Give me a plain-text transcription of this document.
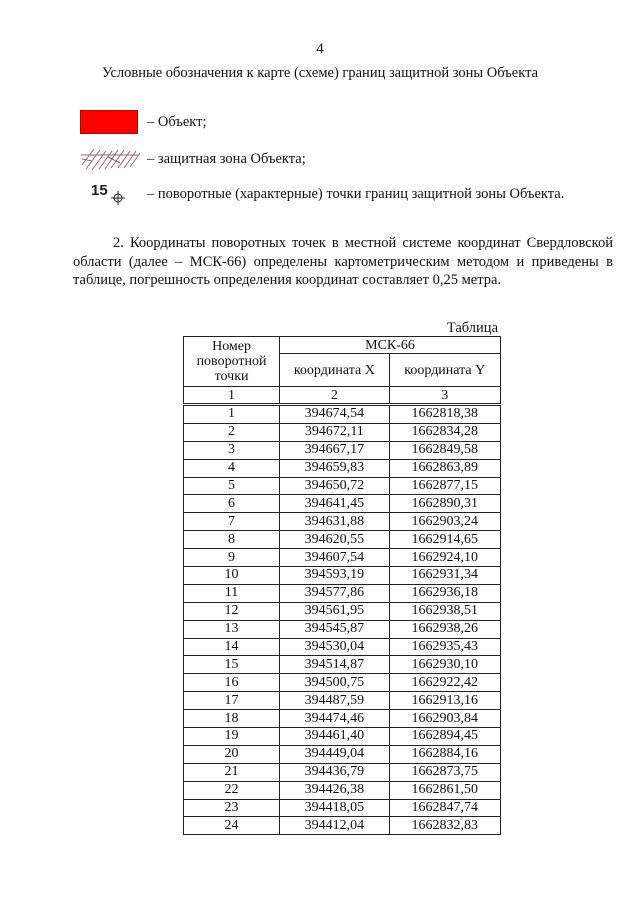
4
Условные обозначения к карте (схеме) границ защитной зоны Объекта
– Объект;
– защитная зона Объекта;
15	– поворотные (характерные) точки границ защитной зоны Объекта.
2. Координаты поворотных точек в местной системе координат Свердловской области (далее – МСК-66) определены картометрическим методом и приведены в таблице, погрешность определения координат составляет 0,25 метра.
Таблица
Номер поворотной точки	МСК-66	
	координата X	координата Y
1	2	3
1	394674,54	1662818,38
2	394672,11	1662834,28
3	394667,17	1662849,58
4	394659,83	1662863,89
5	394650,72	1662877,15
6	394641,45	1662890,31
7	394631,88	1662903,24
8	394620,55	1662914,65
9	394607,54	1662924,10
10	394593,19	1662931,34
11	394577,86	1662936,18
12	394561,95	1662938,51
13	394545,87	1662938,26
14	394530,04	1662935,43
15	394514,87	1662930,10
16	394500,75	1662922,42
17	394487,59	1662913,16
18	394474,46	1662903,84
19	394461,40	1662894,45
20	394449,04	1662884,16
21	394436,79	1662873,75
22	394426,38	1662861,50
23	394418,05	1662847,74
24	394412,04	1662832,83
